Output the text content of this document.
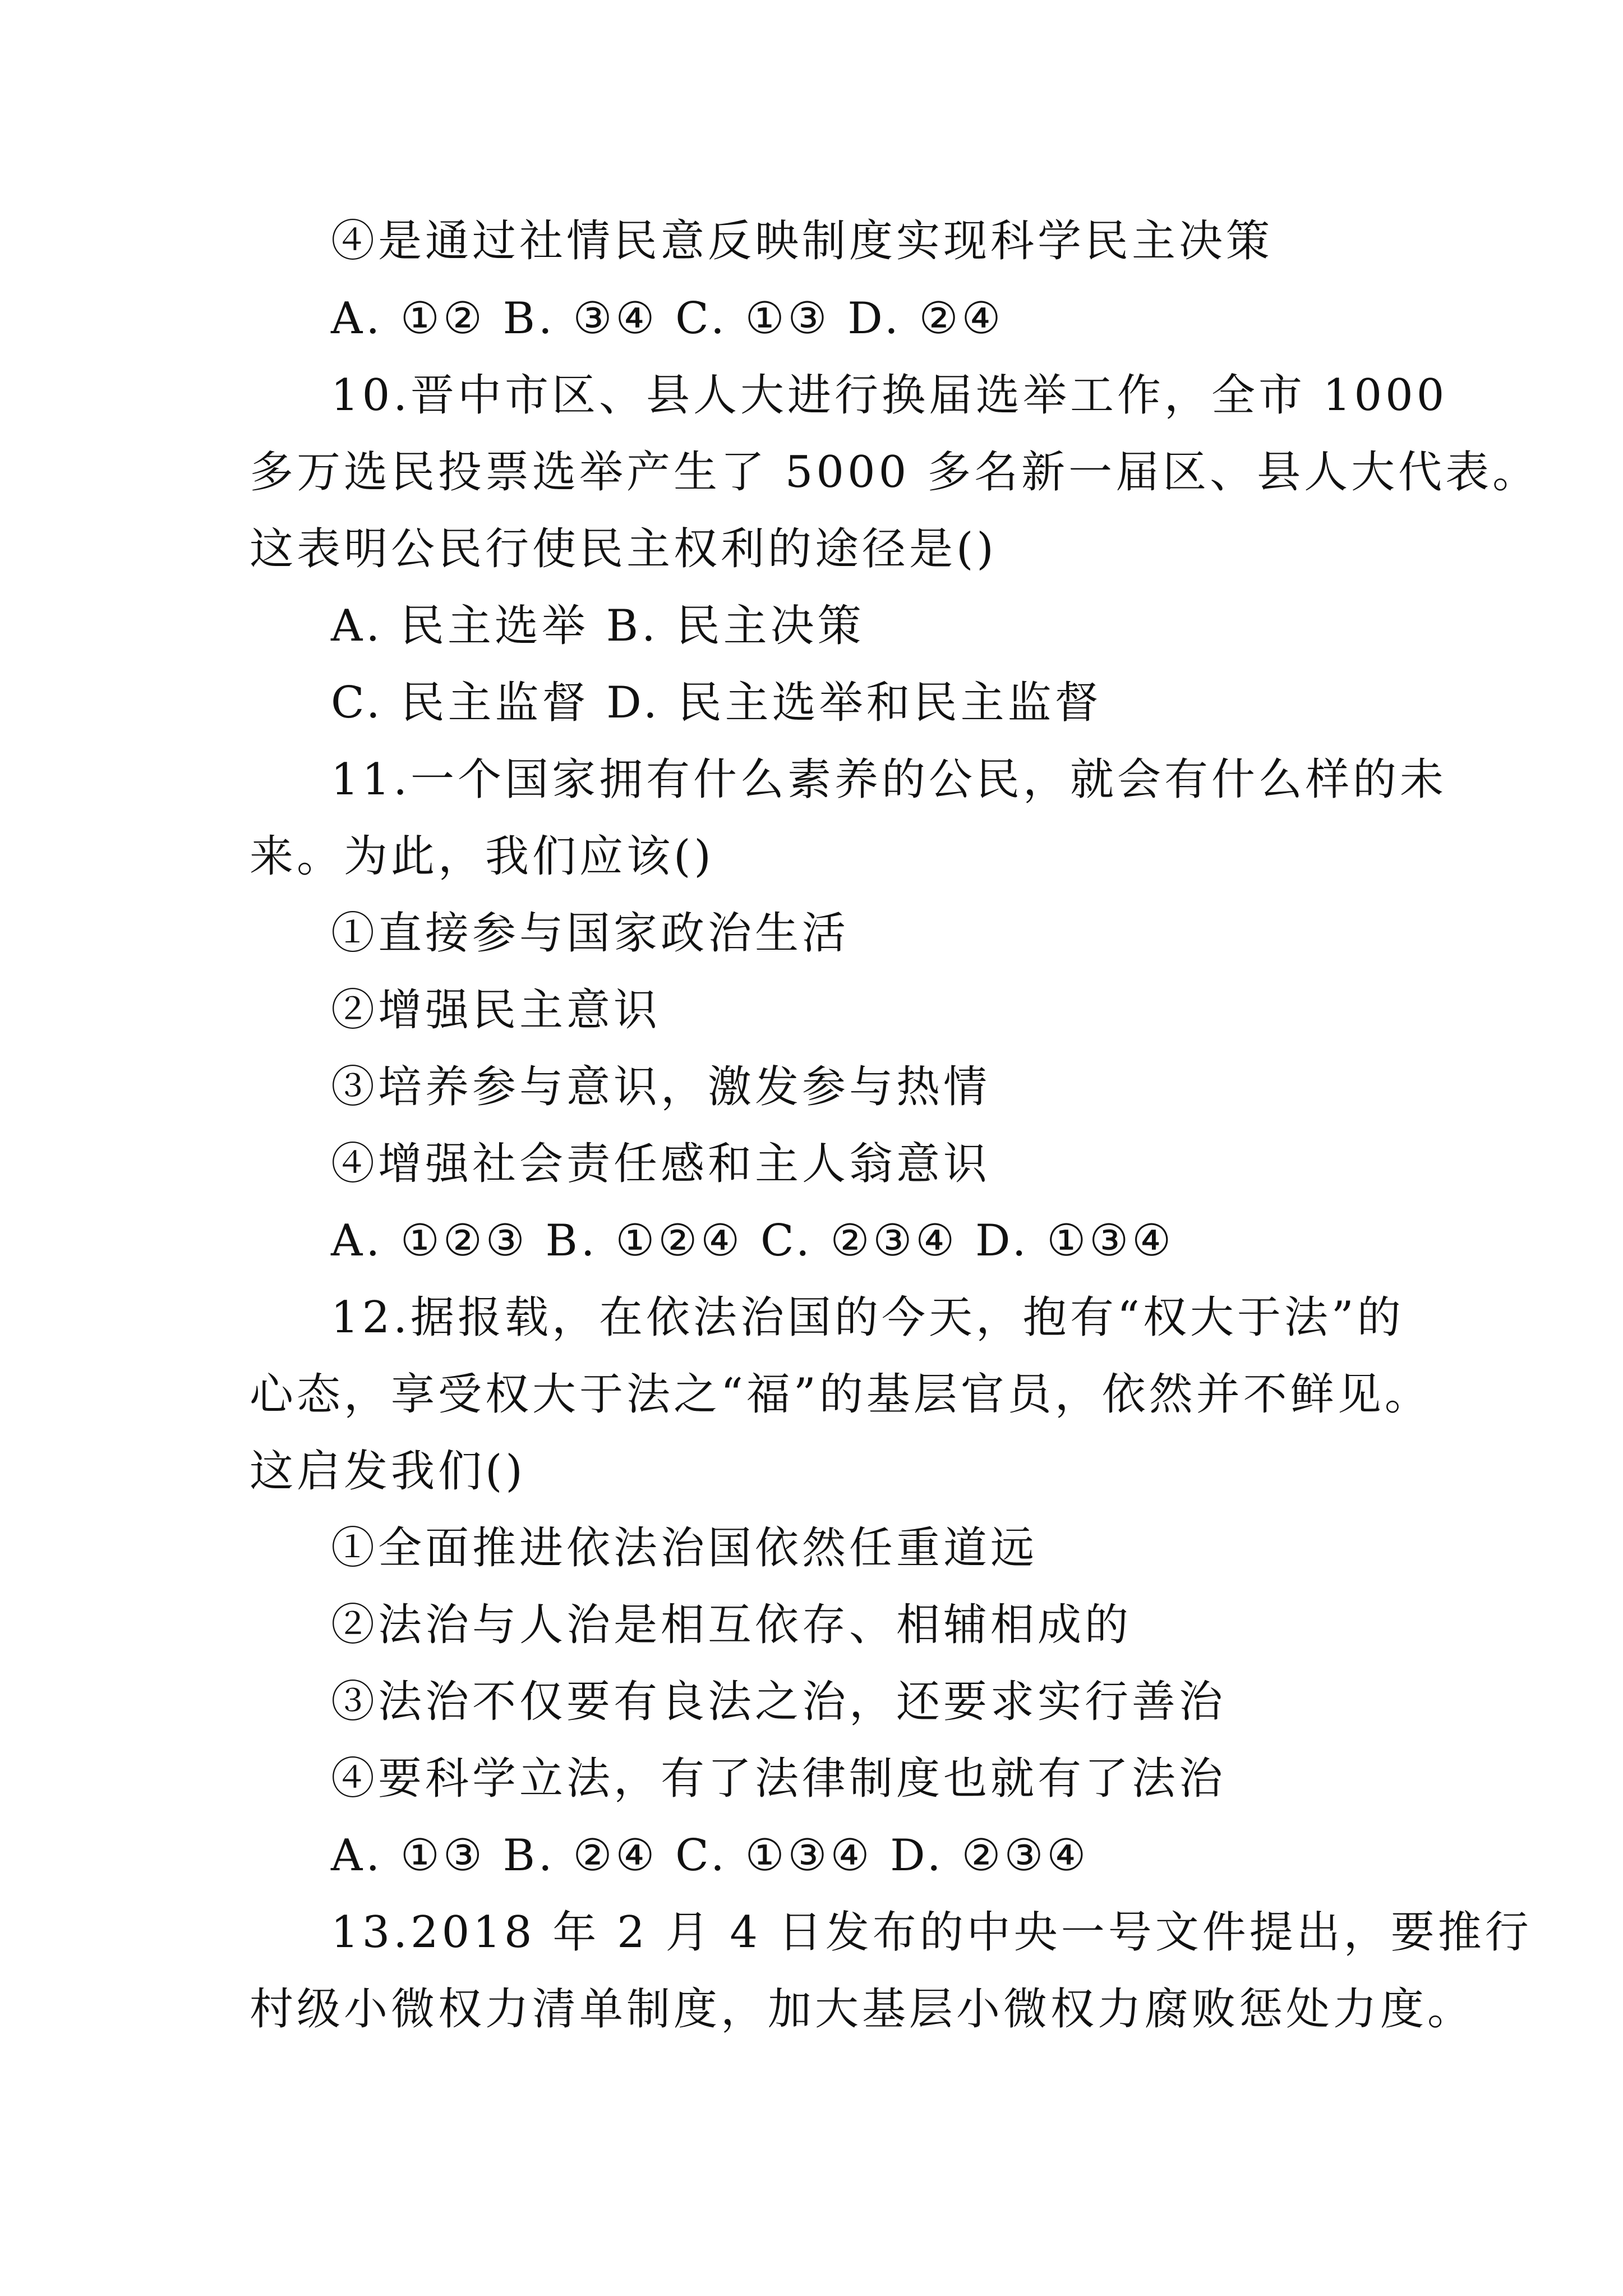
④是通过社情民意反映制度实现科学民主决策
A. ①② B. ③④ C. ①③ D. ②④
10.晋中市区、县人大进行换届选举工作，全市 1000
多万选民投票选举产生了 5000 多名新一届区、县人大代表。
这表明公民行使民主权利的途径是()
A. 民主选举 B. 民主决策
C. 民主监督 D. 民主选举和民主监督
11.一个国家拥有什么素养的公民，就会有什么样的未
来。为此，我们应该()
①直接参与国家政治生活
②增强民主意识
③培养参与意识，激发参与热情
④增强社会责任感和主人翁意识
A. ①②③ B. ①②④ C. ②③④ D. ①③④
12.据报载，在依法治国的今天，抱有“权大于法”的
心态，享受权大于法之“福”的基层官员，依然并不鲜见。
这启发我们()
①全面推进依法治国依然任重道远
②法治与人治是相互依存、相辅相成的
③法治不仅要有良法之治，还要求实行善治
④要科学立法，有了法律制度也就有了法治
A. ①③ B. ②④ C. ①③④ D. ②③④
13.2018 年 2 月 4 日发布的中央一号文件提出，要推行
村级小微权力清单制度，加大基层小微权力腐败惩处力度。
